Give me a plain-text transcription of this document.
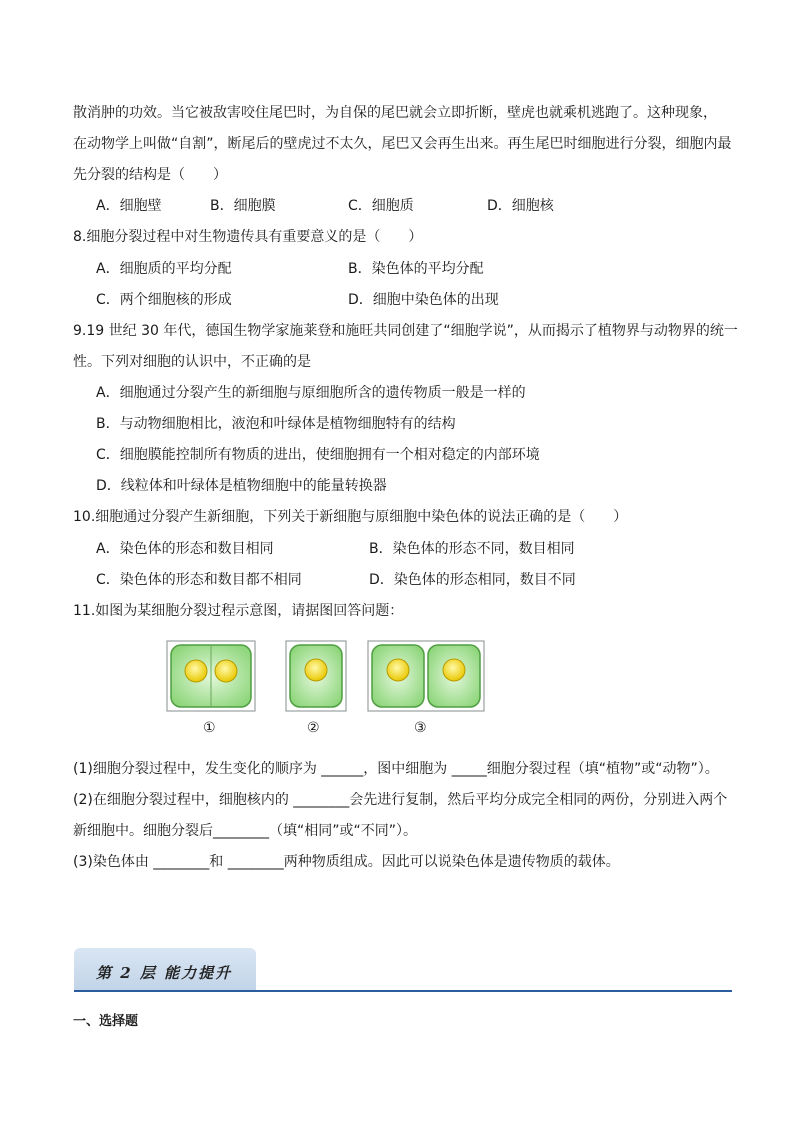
散消肿的功效。当它被敌害咬住尾巴时，为自保的尾巴就会立即折断，壁虎也就乘机逃跑了。这种现象，
在动物学上叫做“自割”，断尾后的壁虎过不太久，尾巴又会再生出来。再生尾巴时细胞进行分裂，细胞内最
先分裂的结构是（　　）
A．细胞壁	B．细胞膜	C．细胞质	D．细胞核
8.细胞分裂过程中对生物遗传具有重要意义的是（　　）
A．细胞质的平均分配	B．染色体的平均分配
C．两个细胞核的形成	D．细胞中染色体的出现
9.19 世纪 30 年代，德国生物学家施莱登和施旺共同创建了“细胞学说”，从而揭示了植物界与动物界的统一
性。下列对细胞的认识中，不正确的是
A．细胞通过分裂产生的新细胞与原细胞所含的遗传物质一般是一样的
B．与动物细胞相比，液泡和叶绿体是植物细胞特有的结构
C．细胞膜能控制所有物质的进出，使细胞拥有一个相对稳定的内部环境
D．线粒体和叶绿体是植物细胞中的能量转换器
10.细胞通过分裂产生新细胞，下列关于新细胞与原细胞中染色体的说法正确的是（　　）
A．染色体的形态和数目相同	B．染色体的形态不同，数目相同
C．染色体的形态和数目都不相同	D．染色体的形态相同，数目不同
11.如图为某细胞分裂过程示意图，请据图回答问题：
①	②	③
(1)细胞分裂过程中，发生变化的顺序为 ______，图中细胞为 _____细胞分裂过程（填“植物”或“动物”）。
(2)在细胞分裂过程中，细胞核内的 ________会先进行复制，然后平均分成完全相同的两份，分别进入两个
新细胞中。细胞分裂后________（填“相同”或“不同”）。
(3)染色体由 ________和 ________两种物质组成。因此可以说染色体是遗传物质的载体。
第 2 层 能力提升
一、选择题
